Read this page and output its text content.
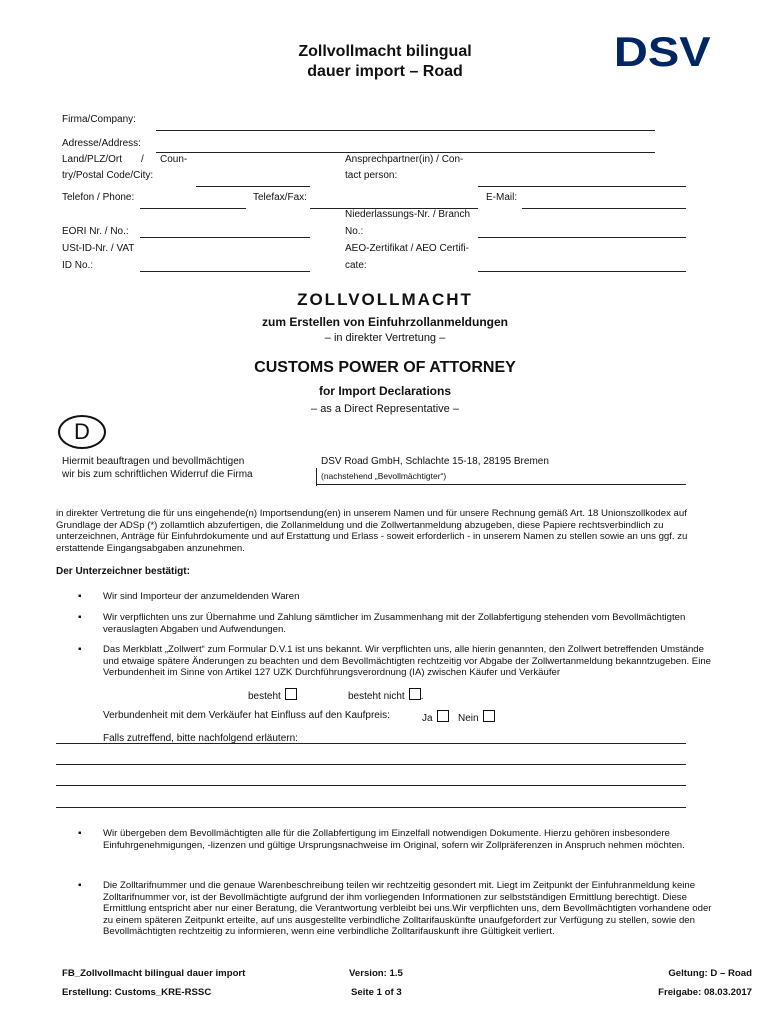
Zollvollmacht bilingual
dauer import – Road	DSV
Firma/Company:
Adresse/Address:
Land/PLZ/Ort / Coun-
try/Postal Code/City:
Ansprechpartner(in) / Con-
tact person:
Telefon / Phone:	Telefax/Fax:	E-Mail:
Niederlassungs-Nr. / Branch
No.:
EORI Nr. / No.:
USt-ID-Nr. / VAT
ID No.:
AEO-Zertifikat / AEO Certifi-
cate:
ZOLLVOLLMACHT
zum Erstellen von Einfuhrzollanmeldungen
– in direkter Vertretung –
CUSTOMS POWER OF ATTORNEY
for Import Declarations
– as a Direct Representative –
D
Hiermit beauftragen und bevollmächtigen
wir bis zum schriftlichen Widerruf die Firma
DSV Road GmbH, Schlachte 15-18, 28195 Bremen
(nachstehend „Bevollmächtigter“)
in direkter Vertretung die für uns eingehende(n) Importsendung(en) in unserem Namen und für unsere Rechnung gemäß Art. 18 Unionszollkodex auf Grundlage der ADSp (*) zollamtlich abzufertigen, die Zollanmeldung und die Zollwertanmeldung abzugeben, diese Papiere rechtsverbindlich zu unterzeichnen, Anträge für Einfuhrdokumente und auf Erstattung und Erlass - soweit erforderlich - in unserem Namen zu stellen sowie an uns ggf. zu erstattende Eingangsabgaben anzunehmen.
Der Unterzeichner bestätigt:
▪ Wir sind Importeur der anzumeldenden Waren
▪ Wir verpflichten uns zur Übernahme und Zahlung sämtlicher im Zusammenhang mit der Zollabfertigung stehenden vom Bevollmächtigten verauslagten Abgaben und Aufwendungen.
▪ Das Merkblatt „Zollwert“ zum Formular D.V.1 ist uns bekannt. Wir verpflichten uns, alle hierin genannten, den Zollwert betreffenden Umstände und etwaige spätere Änderungen zu beachten und dem Bevollmächtigten rechtzeitig vor Abgabe der Zollwertanmeldung bekanntzugeben. Eine Verbundenheit im Sinne von Artikel 127 UZK Durchführungsverordnung (IA) zwischen Käufer und Verkäufer
besteht	besteht nicht .
Verbundenheit mit dem Verkäufer hat Einfluss auf den Kaufpreis:	Ja	Nein
Falls zutreffend, bitte nachfolgend erläutern:
▪ Wir übergeben dem Bevollmächtigten alle für die Zollabfertigung im Einzelfall notwendigen Dokumente. Hierzu gehören insbesondere Einfuhrgenehmigungen, -lizenzen und gültige Ursprungsnachweise im Original, sofern wir Zollpräferenzen in Anspruch nehmen möchten.
▪ Die Zolltarifnummer und die genaue Warenbeschreibung teilen wir rechtzeitig gesondert mit. Liegt im Zeitpunkt der Einfuhranmeldung keine Zolltarifnummer vor, ist der Bevollmächtigte aufgrund der ihm vorliegenden Informationen zur selbstständigen Ermittlung berechtigt. Diese Ermittlung entspricht aber nur einer Beratung, die Verantwortung verbleibt bei uns.Wir verpflichten uns, dem Bevollmächtigten vorhandene oder zu einem späteren Zeitpunkt erteilte, auf uns ausgestellte verbindliche Zolltarifauskünfte unaufgefordert zur Verfügung zu stellen, sowie den Bevollmächtigten rechtzeitig zu informieren, wenn eine verbindliche Zolltarifauskunft ihre Gültigkeit verliert.
FB_Zollvollmacht bilingual dauer import
Erstellung: Customs_KRE-RSSC
Version: 1.5
Seite 1 of 3
Geltung: D – Road
Freigabe: 08.03.2017
